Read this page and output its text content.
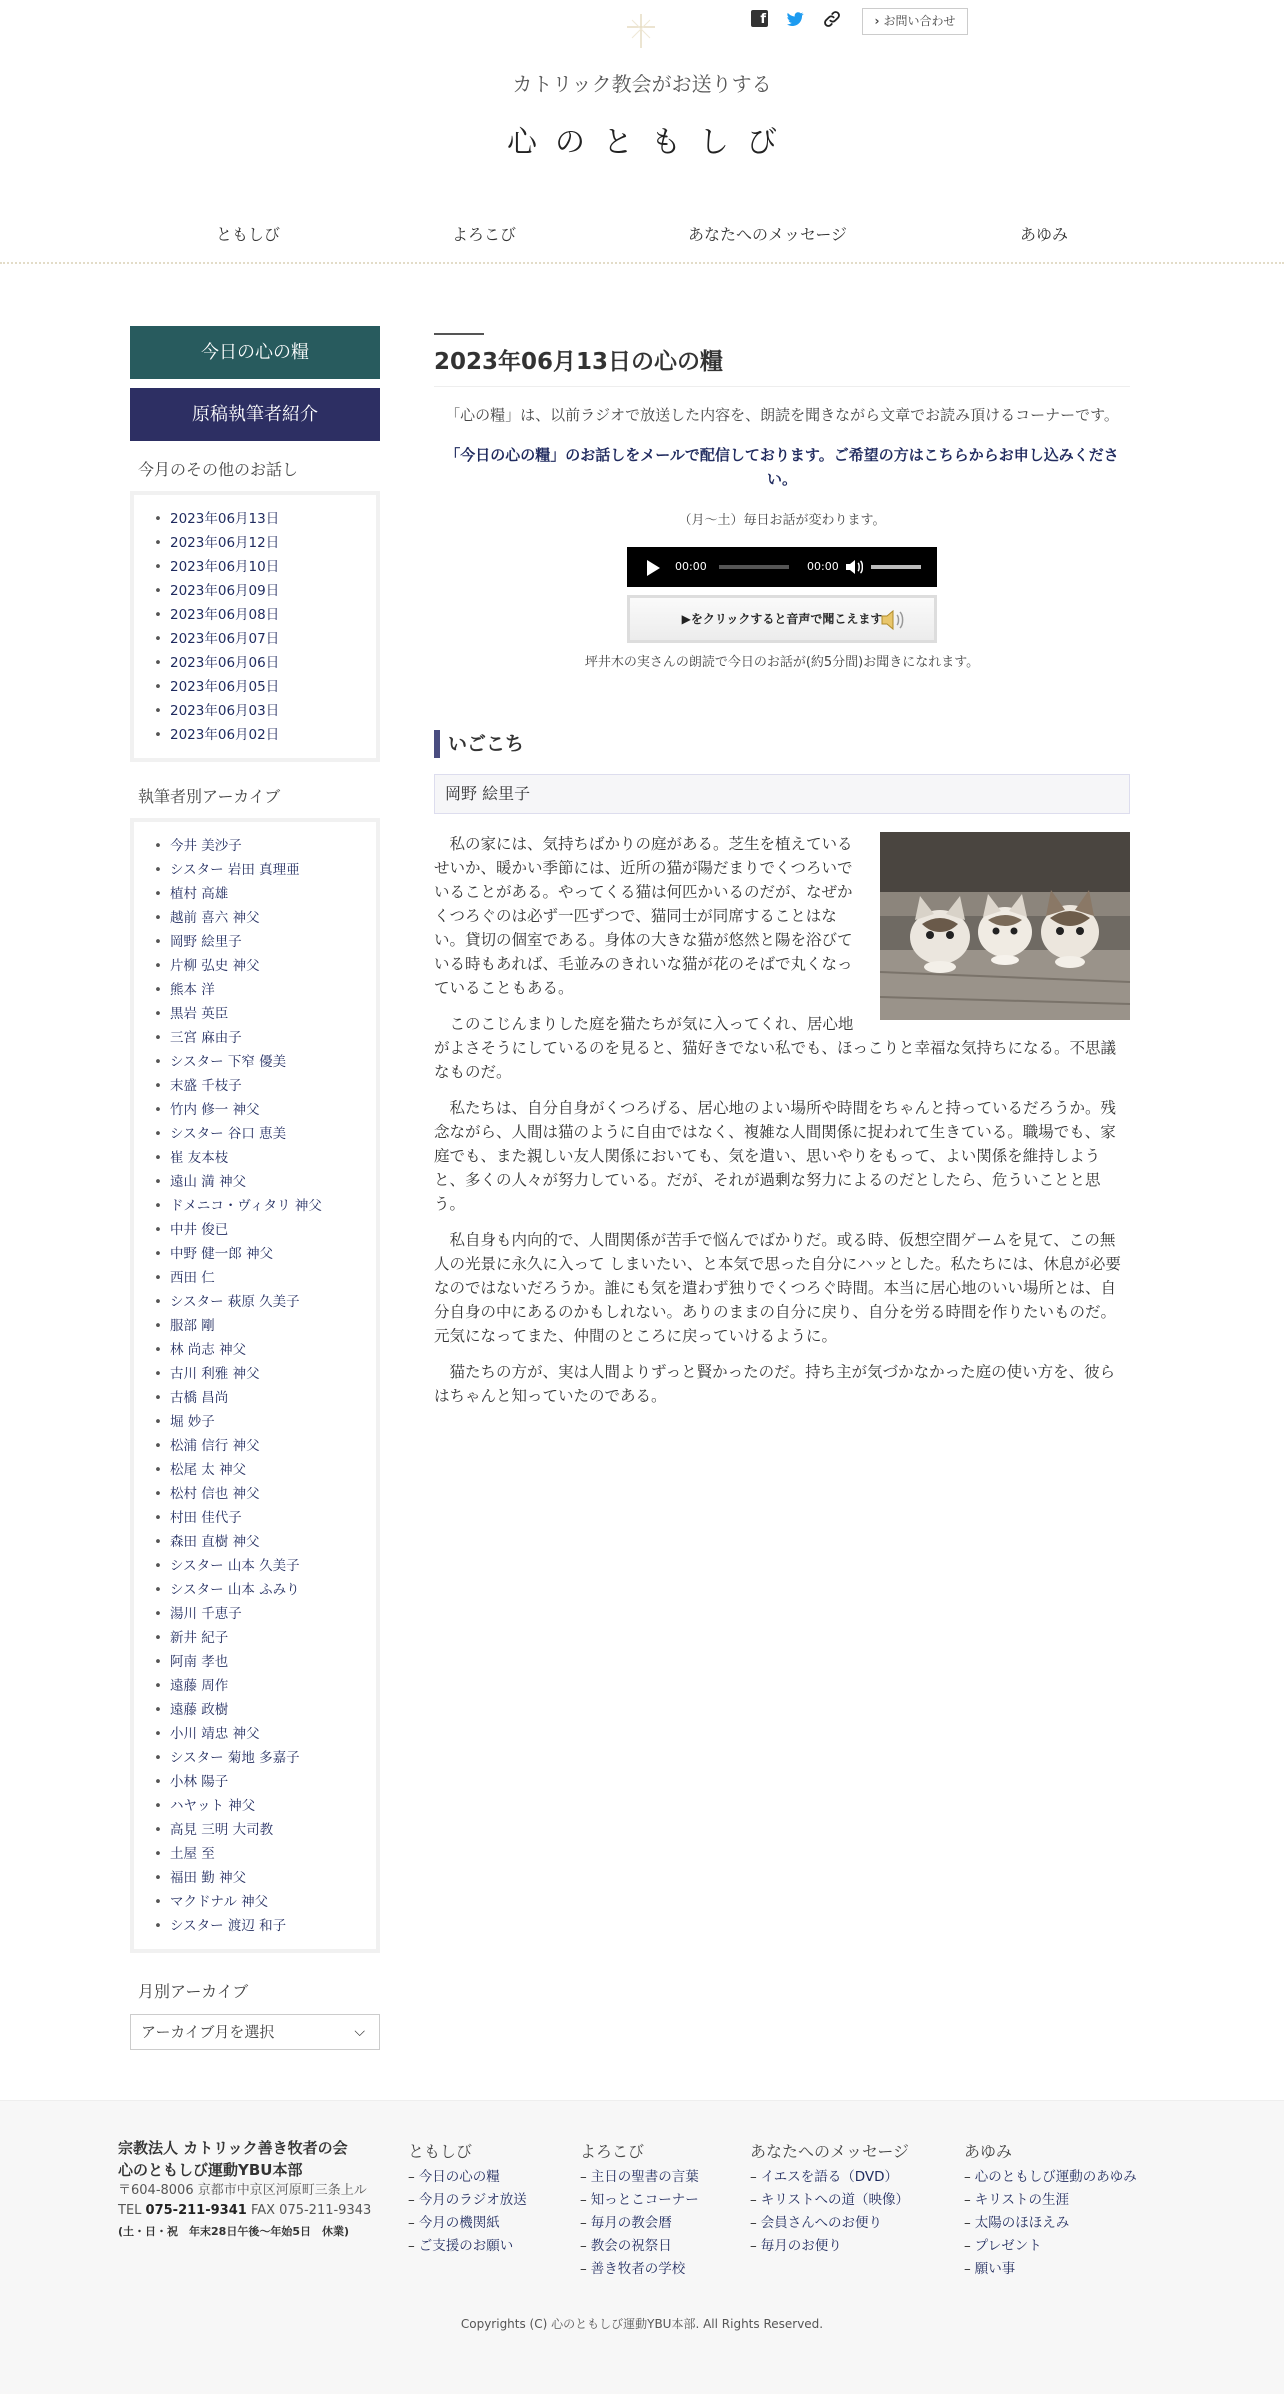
f	› お問い合わせ
カトリック教会がお送りする
心のともしび
ともしび	よろこび	あなたへのメッセージ	あゆみ
今日の心の糧
原稿執筆者紹介
今月のその他のお話し
• 2023年06月13日
• 2023年06月12日
• 2023年06月10日
• 2023年06月09日
• 2023年06月08日
• 2023年06月07日
• 2023年06月06日
• 2023年06月05日
• 2023年06月03日
• 2023年06月02日
執筆者別アーカイブ
• 今井 美沙子
• シスター 岩田 真理亜
• 植村 高雄
• 越前 喜六 神父
• 岡野 絵里子
• 片柳 弘史 神父
• 熊本 洋
• 黒岩 英臣
• 三宮 麻由子
• シスター 下窄 優美
• 末盛 千枝子
• 竹内 修一 神父
• シスター 谷口 恵美
• 崔 友本枝
• 遠山 満 神父
• ドメニコ・ヴィタリ 神父
• 中井 俊已
• 中野 健一郎 神父
• 西田 仁
• シスター 萩原 久美子
• 服部 剛
• 林 尚志 神父
• 古川 利雅 神父
• 古橋 昌尚
• 堀 妙子
• 松浦 信行 神父
• 松尾 太 神父
• 松村 信也 神父
• 村田 佳代子
• 森田 直樹 神父
• シスター 山本 久美子
• シスター 山本 ふみり
• 湯川 千恵子
• 新井 紀子
• 阿南 孝也
• 遠藤 周作
• 遠藤 政樹
• 小川 靖忠 神父
• シスター 菊地 多嘉子
• 小林 陽子
• ハヤット 神父
• 高見 三明 大司教
• 土屋 至
• 福田 勤 神父
• マクドナル 神父
• シスター 渡辺 和子
月別アーカイブ
アーカイブ月を選択	⌵
2023年06月13日の心の糧

「心の糧」は、以前ラジオで放送した内容を、朗読を聞きながら文章でお読み頂けるコーナーです。

「今日の心の糧」のお話しをメールで配信しております。ご希望の方はこちらからお申し込みください。

（月～土）毎日お話が変わります。

00:00	00:00
▶をクリックすると音声で聞こえます

坪井木の実さんの朗読で今日のお話が(約5分間)お聞きになれます。

いごこち
岡野 絵里子

私の家には、気持ちばかりの庭がある。芝生を植えているせいか、暖かい季節には、近所の猫が陽だまりでくつろいでいることがある。やってくる猫は何匹かいるのだが、なぜかくつろぐのは必ず一匹ずつで、猫同士が同席することはない。貸切の個室である。身体の大きな猫が悠然と陽を浴びている時もあれば、毛並みのきれいな猫が花のそばで丸くなっていることもある。

このこじんまりした庭を猫たちが気に入ってくれ、居心地がよさそうにしているのを見ると、猫好きでない私でも、ほっこりと幸福な気持ちになる。不思議なものだ。

私たちは、自分自身がくつろげる、居心地のよい場所や時間をちゃんと持っているだろうか。残念ながら、人間は猫のように自由ではなく、複雑な人間関係に捉われて生きている。職場でも、家庭でも、また親しい友人関係においても、気を遣い、思いやりをもって、よい関係を維持しようと、多くの人々が努力している。だが、それが過剰な努力によるのだとしたら、危ういことと思う。

私自身も内向的で、人間関係が苦手で悩んでばかりだ。或る時、仮想空間ゲームを見て、この無人の光景に永久に入って しまいたい、と本気で思った自分にハッとした。私たちには、休息が必要なのではないだろうか。誰にも気を遣わず独りでくつろぐ時間。本当に居心地のいい場所とは、自分自身の中にあるのかもしれない。ありのままの自分に戻り、自分を労る時間を作りたいものだ。元気になってまた、仲間のところに戻っていけるように。

猫たちの方が、実は人間よりずっと賢かったのだ。持ち主が気づかなかった庭の使い方を、彼らはちゃんと知っていたのである。

宗教法人 カトリック善き牧者の会
心のともしび運動YBU本部
〒604-8006 京都市中京区河原町三条上ル
TEL 075-211-9341 FAX 075-211-9343
(土・日・祝　年末28日午後〜年始5日　休業)
ともしび
– 今日の心の糧
– 今月のラジオ放送
– 今月の機関紙
– ご支援のお願い
よろこび
– 主日の聖書の言葉
– 知っとこコーナー
– 毎月の教会暦
– 教会の祝祭日
– 善き牧者の学校
あなたへのメッセージ
– イエスを語る（DVD）
– キリストへの道（映像）
– 会員さんへのお便り
– 毎月のお便り
あゆみ
– 心のともしび運動のあゆみ
– キリストの生涯
– 太陽のほほえみ
– プレゼント
– 願い事
Copyrights (C) 心のともしび運動YBU本部. All Rights Reserved.
